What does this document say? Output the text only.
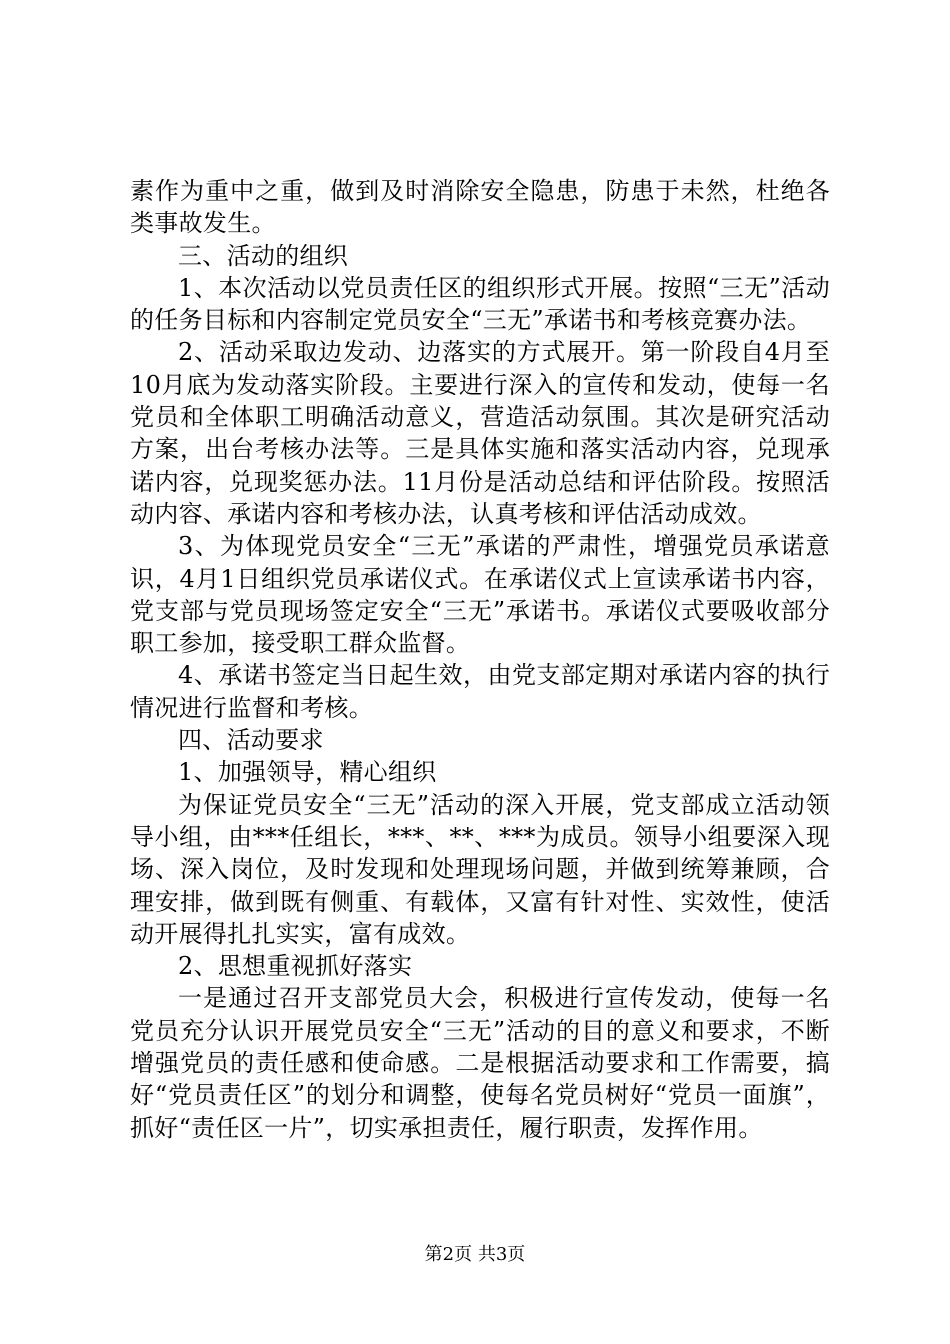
素作为重中之重，做到及时消除安全隐患，防患于未然，杜绝各类事故发生。

三、活动的组织

1、本次活动以党员责任区的组织形式开展。按照“三无”活动的任务目标和内容制定党员安全“三无”承诺书和考核竞赛办法。

2、活动采取边发动、边落实的方式展开。第一阶段自4月至10月底为发动落实阶段。主要进行深入的宣传和发动，使每一名党员和全体职工明确活动意义，营造活动氛围。其次是研究活动方案，出台考核办法等。三是具体实施和落实活动内容，兑现承诺内容，兑现奖惩办法。11月份是活动总结和评估阶段。按照活动内容、承诺内容和考核办法，认真考核和评估活动成效。

3、为体现党员安全“三无”承诺的严肃性，增强党员承诺意识，4月1日组织党员承诺仪式。在承诺仪式上宣读承诺书内容，党支部与党员现场签定安全“三无”承诺书。承诺仪式要吸收部分职工参加，接受职工群众监督。

4、承诺书签定当日起生效，由党支部定期对承诺内容的执行情况进行监督和考核。

四、活动要求

1、加强领导，精心组织

为保证党员安全“三无”活动的深入开展，党支部成立活动领导小组，由***任组长，***、**、***为成员。领导小组要深入现场、深入岗位，及时发现和处理现场问题，并做到统筹兼顾，合理安排，做到既有侧重、有载体，又富有针对性、实效性，使活动开展得扎扎实实，富有成效。

2、思想重视抓好落实

一是通过召开支部党员大会，积极进行宣传发动，使每一名党员充分认识开展党员安全“三无”活动的目的意义和要求，不断增强党员的责任感和使命感。二是根据活动要求和工作需要，搞好“党员责任区”的划分和调整，使每名党员树好“党员一面旗”，抓好“责任区一片”，切实承担责任，履行职责，发挥作用。

第2页 共3页
